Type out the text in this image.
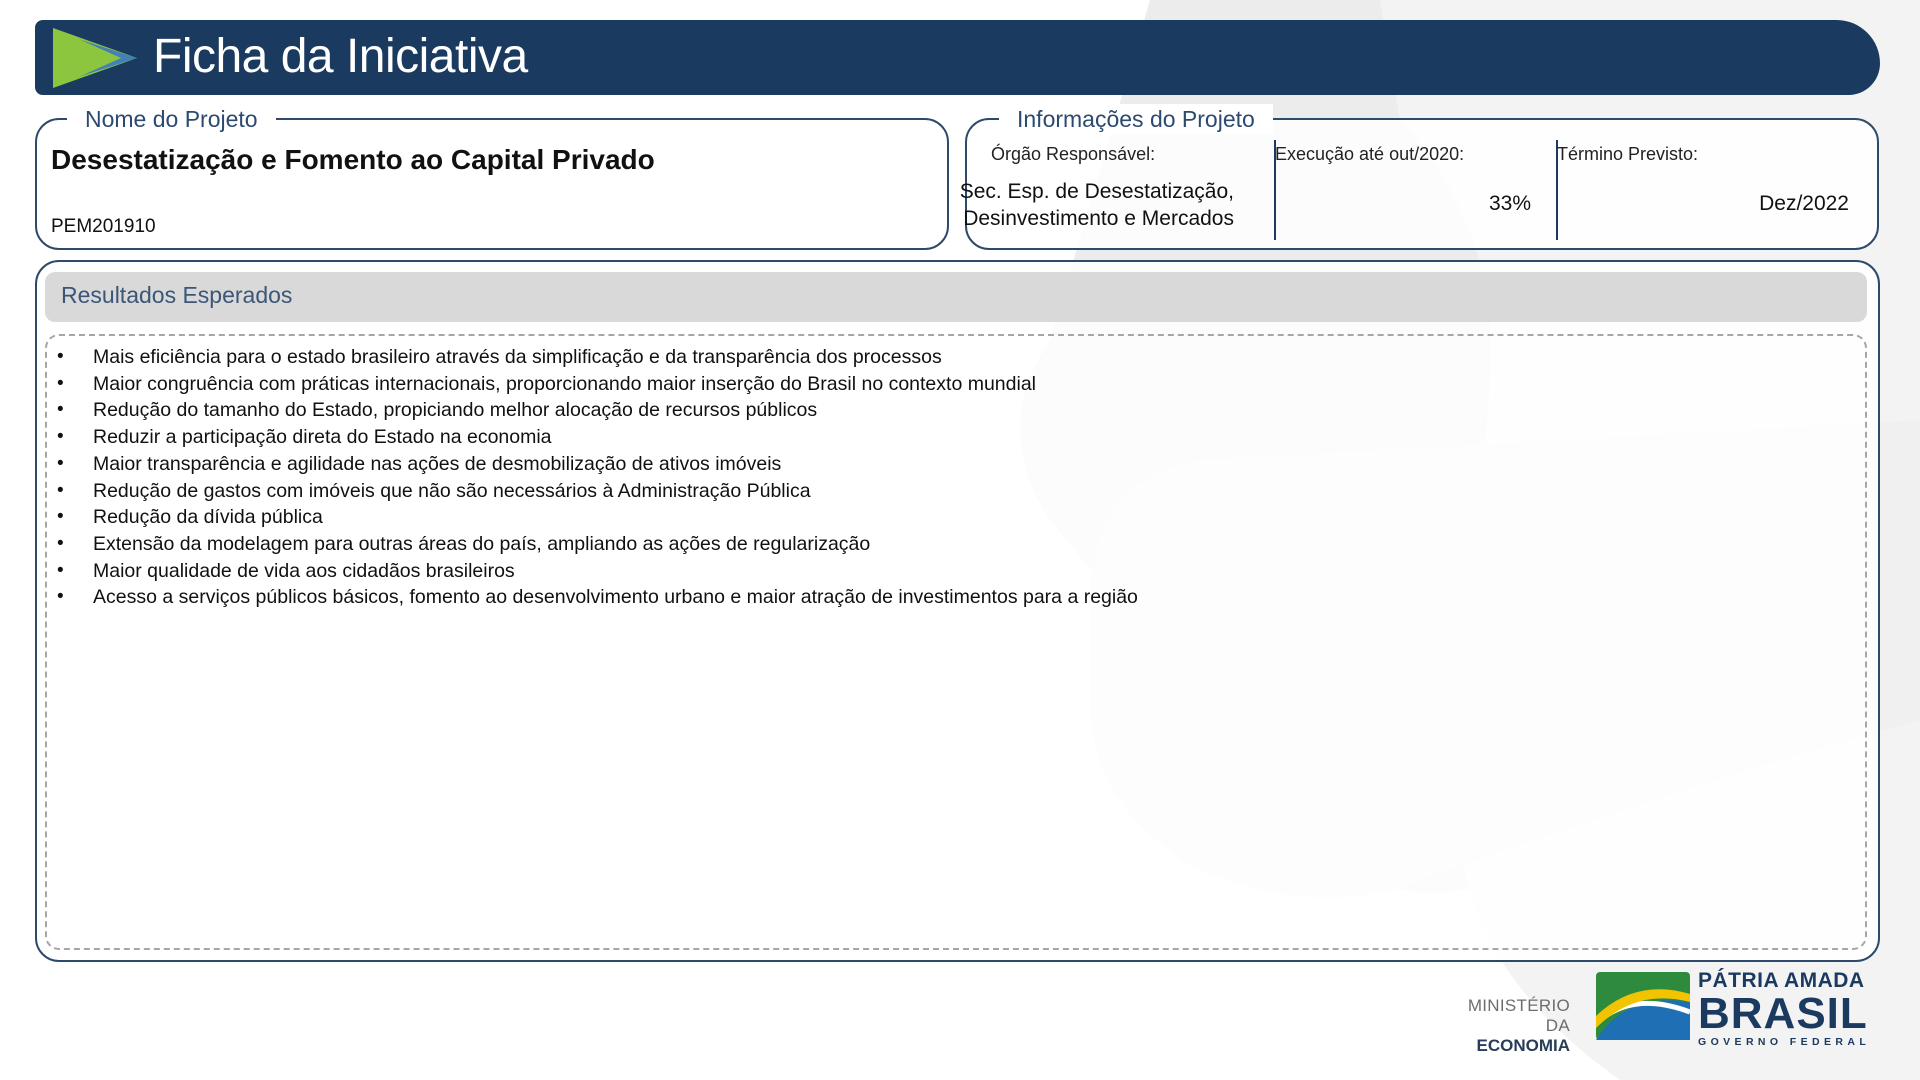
Ficha da Iniciativa
Nome do Projeto
Desestatização e Fomento ao Capital Privado
PEM201910
Informações do Projeto
Órgão Responsável:
Sec. Esp. de Desestatização,
Desinvestimento e Mercados
Execução até out/2020:
33%
Término Previsto:
Dez/2022
Resultados Esperados
• Mais eficiência para o estado brasileiro através da simplificação e da transparência dos processos
• Maior congruência com práticas internacionais, proporcionando maior inserção do Brasil no contexto mundial
• Redução do tamanho do Estado, propiciando melhor alocação de recursos públicos
• Reduzir a participação direta do Estado na economia
• Maior transparência e agilidade nas ações de desmobilização de ativos imóveis
• Redução de gastos com imóveis que não são necessários à Administração Pública
• Redução da dívida pública
• Extensão da modelagem para outras áreas do país, ampliando as ações de regularização
• Maior qualidade de vida aos cidadãos brasileiros
• Acesso a serviços públicos básicos, fomento ao desenvolvimento urbano e maior atração de investimentos para a região
MINISTÉRIO DA
ECONOMIA
PÁTRIA AMADA
BRASIL
GOVERNO FEDERAL
